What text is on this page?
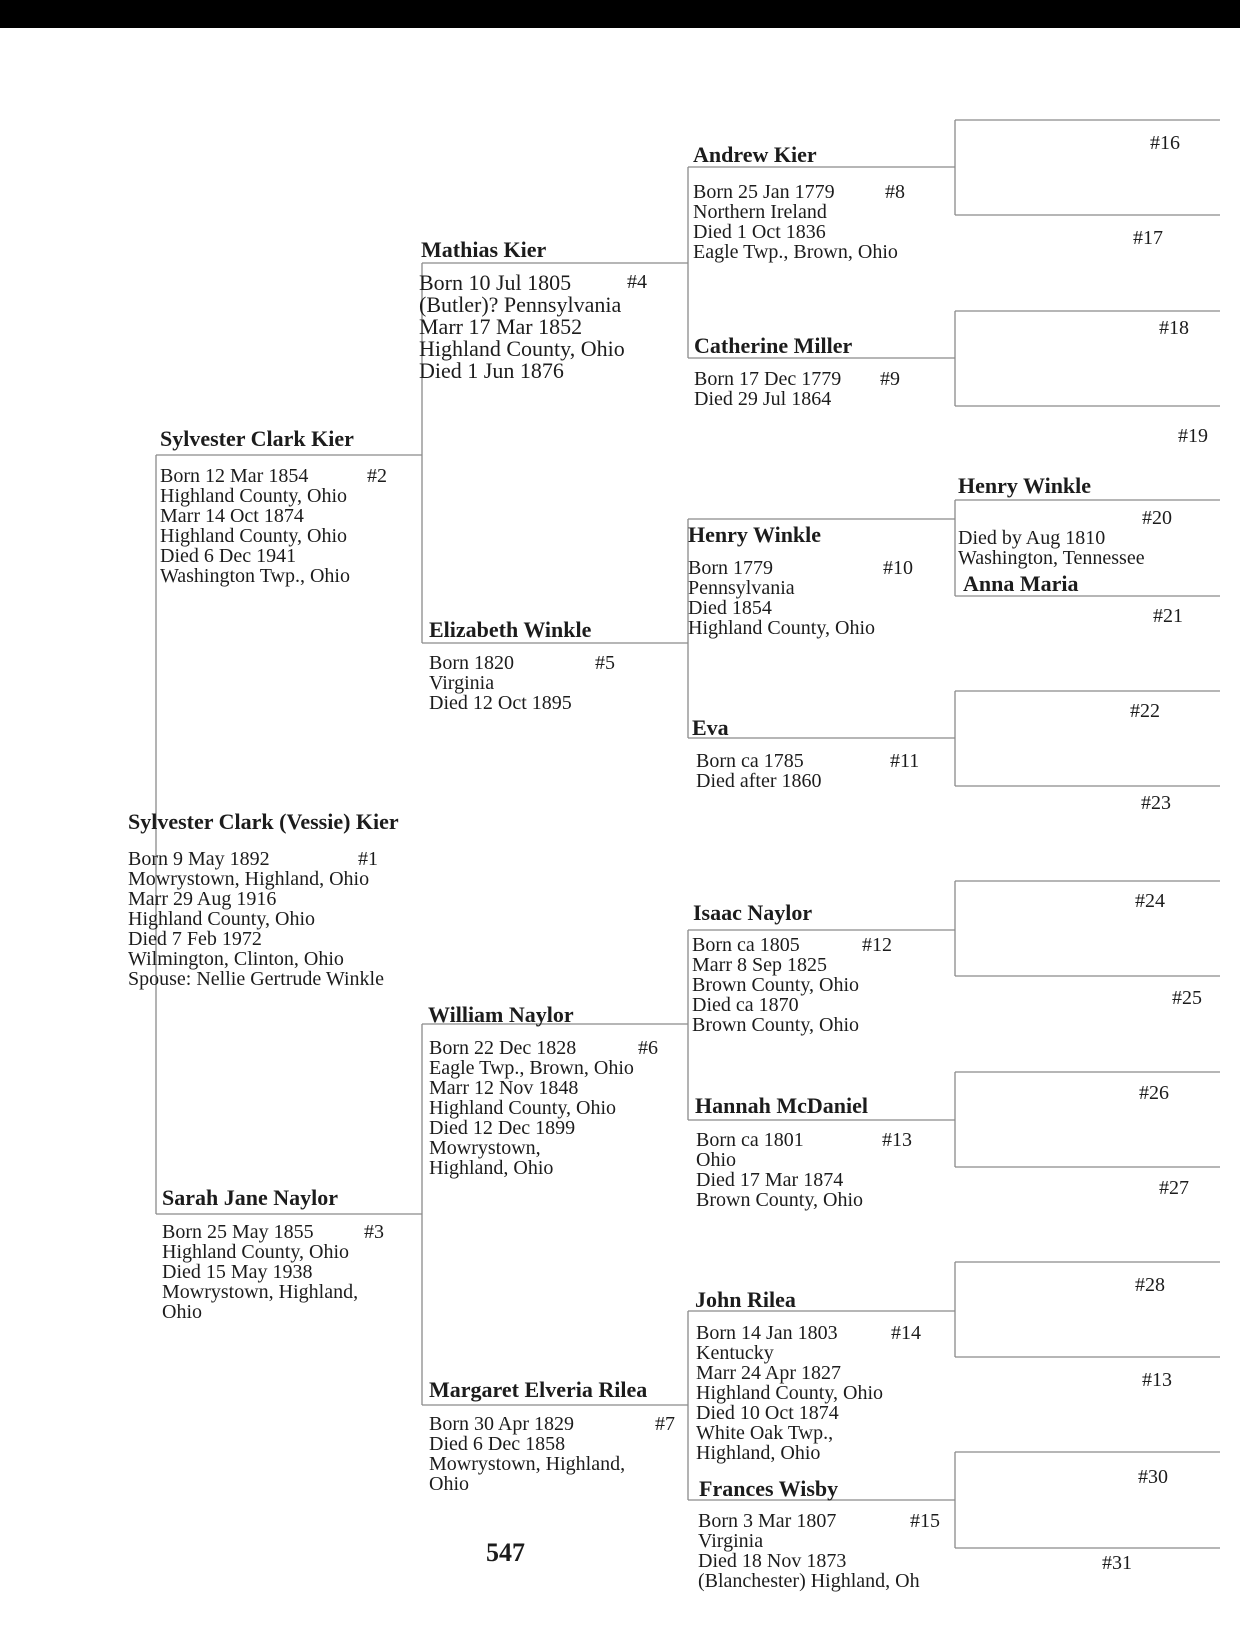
Sylvester Clark (Vessie) Kier
#1
Born 9 May 1892
Mowrystown, Highland, Ohio
Marr 29 Aug 1916
Highland County, Ohio
Died 7 Feb 1972
Wilmington, Clinton, Ohio
Spouse: Nellie Gertrude Winkle
Sylvester Clark Kier
#2
Born 12 Mar 1854
Highland County, Ohio
Marr 14 Oct 1874
Highland County, Ohio
Died 6 Dec 1941
Washington Twp., Ohio
Sarah Jane Naylor
#3
Born 25 May 1855
Highland County, Ohio
Died 15 May 1938
Mowrystown, Highland,
Ohio
Mathias Kier
#4
Born 10 Jul 1805
(Butler)? Pennsylvania
Marr 17 Mar 1852
Highland County, Ohio
Died 1 Jun 1876
Elizabeth Winkle
#5
Born 1820
Virginia
Died 12 Oct 1895
William Naylor
#6
Born 22 Dec 1828
Eagle Twp., Brown, Ohio
Marr 12 Nov 1848
Highland County, Ohio
Died 12 Dec 1899
Mowrystown,
Highland, Ohio
Margaret Elveria Rilea
#7
Born 30 Apr 1829
Died 6 Dec 1858
Mowrystown, Highland,
Ohio
Andrew Kier
#8
Born 25 Jan 1779
Northern Ireland
Died 1 Oct 1836
Eagle Twp., Brown, Ohio
Catherine Miller
#9
Born 17 Dec 1779
Died 29 Jul 1864
Henry Winkle
#10
Born 1779
Pennsylvania
Died 1854
Highland County, Ohio
Eva
#11
Born ca 1785
Died after 1860
Isaac Naylor
#12
Born ca 1805
Marr 8 Sep 1825
Brown County, Ohio
Died ca 1870
Brown County, Ohio
Hannah McDaniel
#13
Born ca 1801
Ohio
Died 17 Mar 1874
Brown County, Ohio
John Rilea
#14
Born 14 Jan 1803
Kentucky
Marr 24 Apr 1827
Highland County, Ohio
Died 10 Oct 1874
White Oak Twp.,
Highland, Ohio
Frances Wisby
#15
Born 3 Mar 1807
Virginia
Died 18 Nov 1873
(Blanchester) Highland, Oh
Henry Winkle
#20
Died by Aug 1810
Washington, Tennessee
Anna Maria
#21
#16
#17
#18
#19
#22
#23
#24
#25
#26
#27
#13
#28
#30
#31
547
